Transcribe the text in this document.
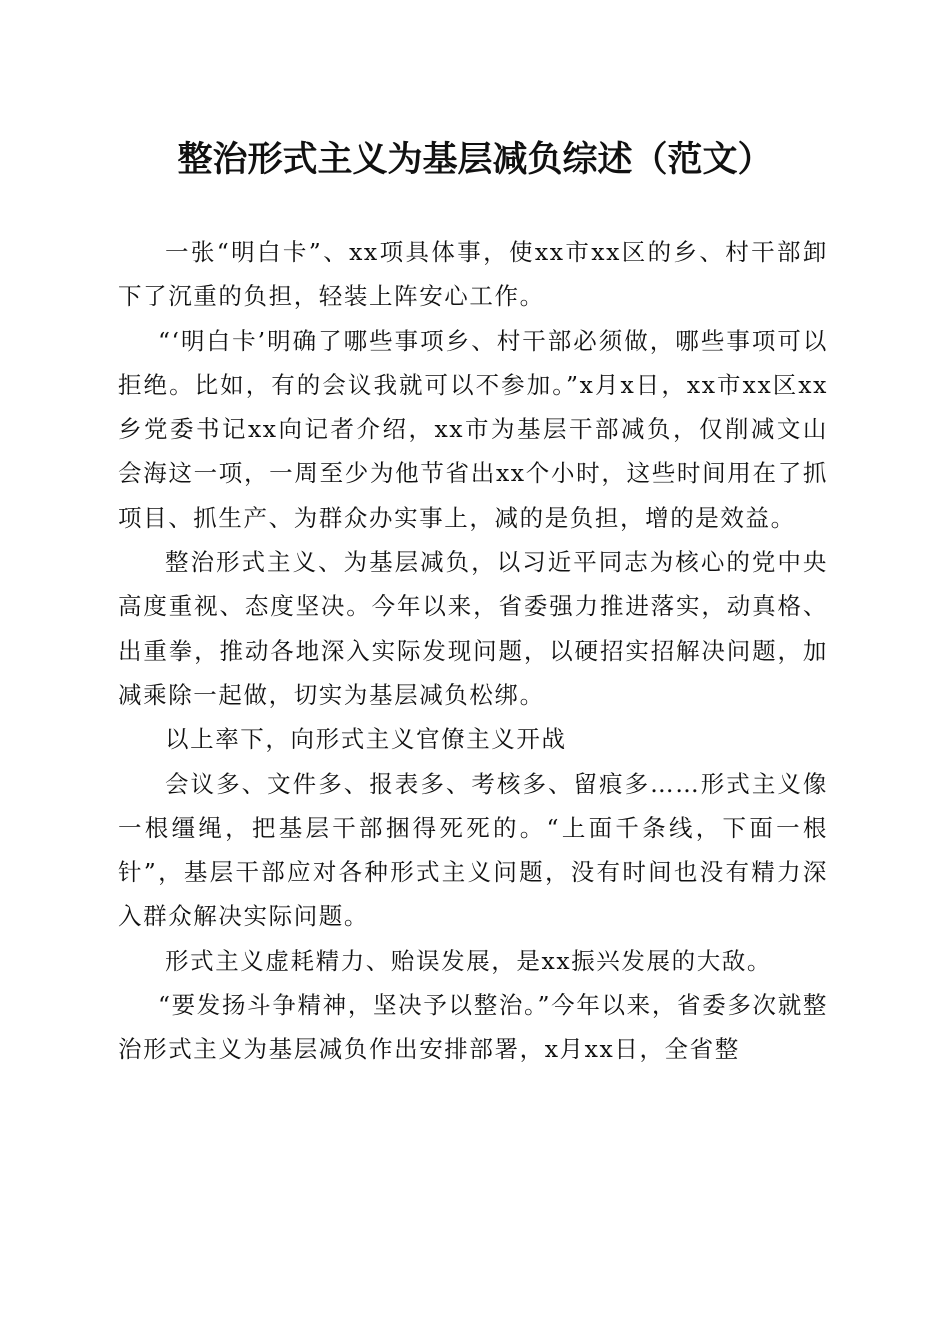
整治形式主义为基层减负综述（范文）

一张“明白卡”、xx项具体事，使xx市xx区的乡、村干部卸下了沉重的负担，轻装上阵安心工作。

“‘明白卡’明确了哪些事项乡、村干部必须做，哪些事项可以拒绝。比如，有的会议我就可以不参加。”x月x日，xx市xx区xx乡党委书记xx向记者介绍，xx市为基层干部减负，仅削减文山会海这一项，一周至少为他节省出xx个小时，这些时间用在了抓项目、抓生产、为群众办实事上，减的是负担，增的是效益。

整治形式主义、为基层减负，以习近平同志为核心的党中央高度重视、态度坚决。今年以来，省委强力推进落实，动真格、出重拳，推动各地深入实际发现问题，以硬招实招解决问题，加减乘除一起做，切实为基层减负松绑。

以上率下，向形式主义官僚主义开战

会议多、文件多、报表多、考核多、留痕多……形式主义像一根缰绳，把基层干部捆得死死的。“上面千条线，下面一根针”，基层干部应对各种形式主义问题，没有时间也没有精力深入群众解决实际问题。

形式主义虚耗精力、贻误发展，是xx振兴发展的大敌。

“要发扬斗争精神，坚决予以整治。”今年以来，省委多次就整治形式主义为基层减负作出安排部署，x月xx日，全省整
